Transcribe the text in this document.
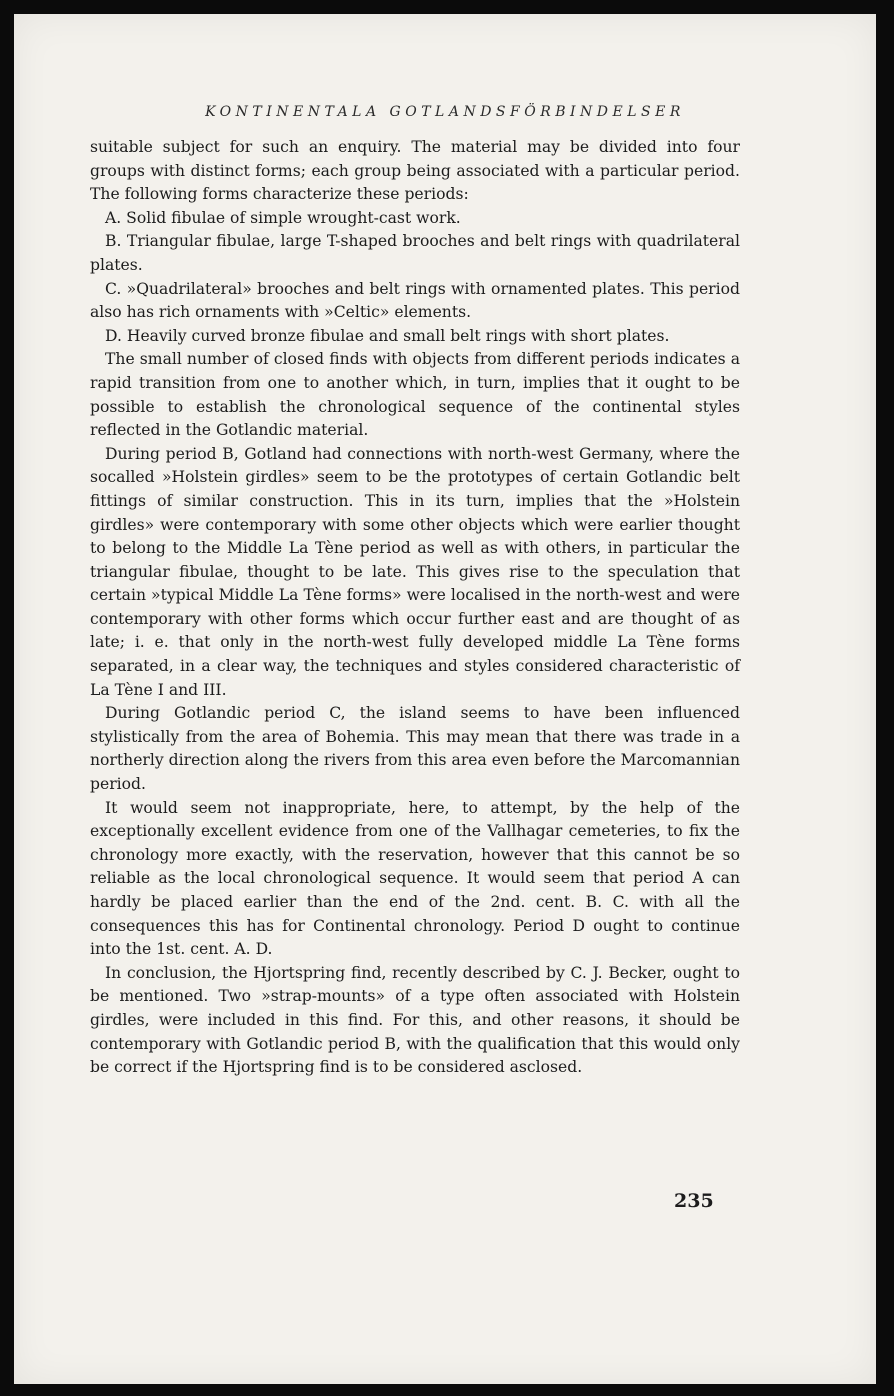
KONTINENTALA GOTLANDSFÖRBINDELSER

suitable subject for such an enquiry. The material may be divided into four groups with distinct forms; each group being associated with a particular period. The following forms characterize these periods:

A. Solid fibulae of simple wrought-cast work.

B. Triangular fibulae, large T-shaped brooches and belt rings with quadrilateral plates.

C. »Quadrilateral» brooches and belt rings with ornamented plates. This period also has rich ornaments with »Celtic» elements.

D. Heavily curved bronze fibulae and small belt rings with short plates.

The small number of closed finds with objects from different periods indicates a rapid transition from one to another which, in turn, implies that it ought to be possible to establish the chronological sequence of the continental styles reflected in the Gotlandic material.

During period B, Gotland had connections with north-west Germany, where the socalled »Holstein girdles» seem to be the prototypes of certain Gotlandic belt fittings of similar construction. This in its turn, implies that the »Holstein girdles» were contemporary with some other objects which were earlier thought to belong to the Middle La Tène period as well as with others, in particular the triangular fibulae, thought to be late. This gives rise to the speculation that certain »typical Middle La Tène forms» were localised in the north-west and were contemporary with other forms which occur further east and are thought of as late; i. e. that only in the north-west fully developed middle La Tène forms separated, in a clear way, the techniques and styles considered characteristic of La Tène I and III.

During Gotlandic period C, the island seems to have been influenced stylistically from the area of Bohemia. This may mean that there was trade in a northerly direction along the rivers from this area even before the Marcomannian period.

It would seem not inappropriate, here, to attempt, by the help of the exceptionally excellent evidence from one of the Vallhagar cemeteries, to fix the chronology more exactly, with the reservation, however that this cannot be so reliable as the local chronological sequence. It would seem that period A can hardly be placed earlier than the end of the 2nd. cent. B. C. with all the consequences this has for Continental chronology. Period D ought to continue into the 1st. cent. A. D.

In conclusion, the Hjortspring find, recently described by C. J. Becker, ought to be mentioned. Two »strap-mounts» of a type often associated with Holstein girdles, were included in this find. For this, and other reasons, it should be contemporary with Gotlandic period B, with the qualification that this would only be correct if the Hjortspring find is to be considered asclosed.

235
